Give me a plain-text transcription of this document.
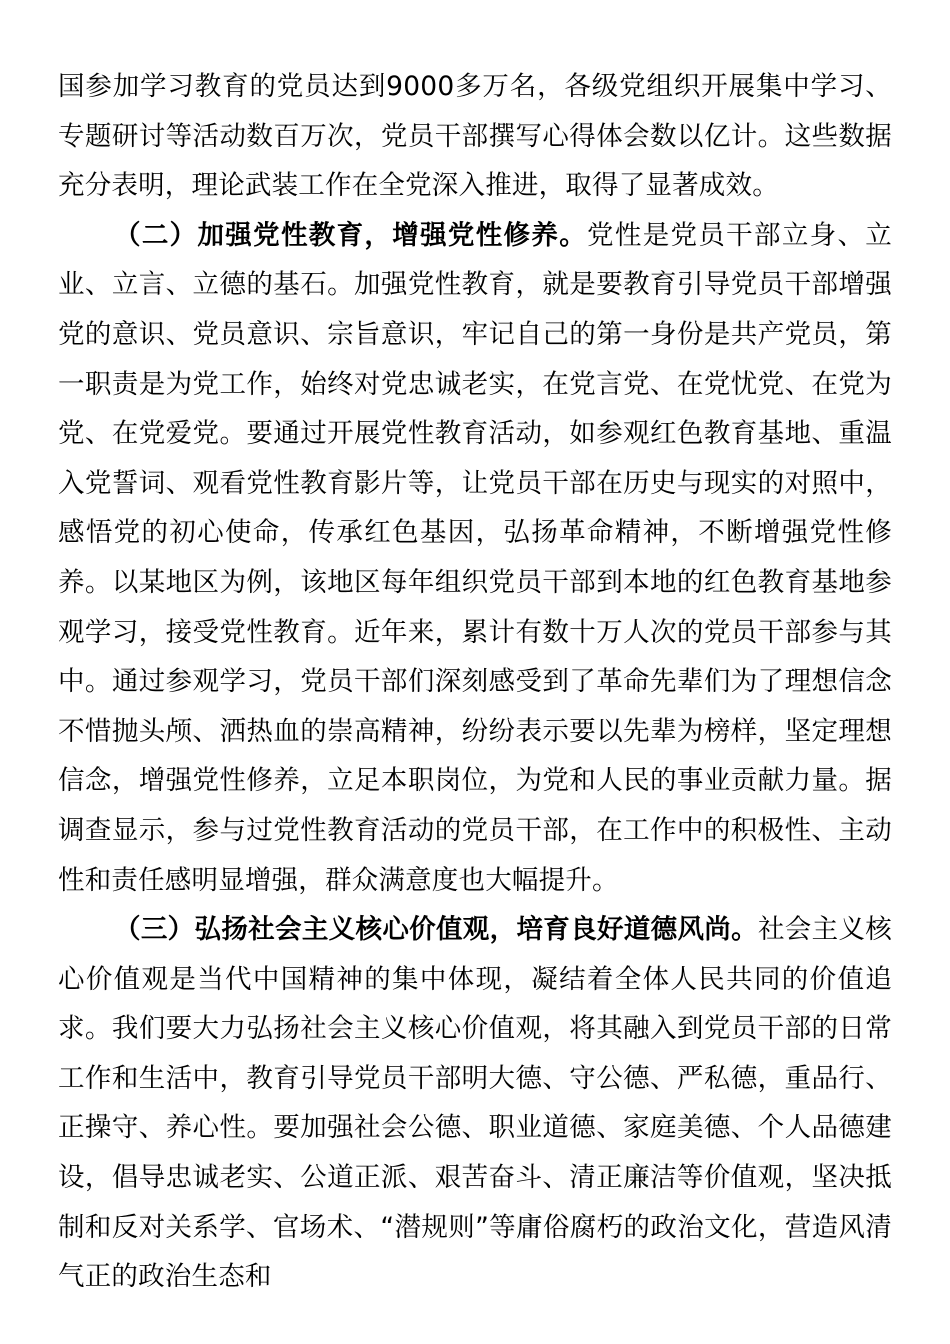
国参加学习教育的党员达到9000多万名，各级党组织开展集中学习、专题研讨等活动数百万次，党员干部撰写心得体会数以亿计。这些数据充分表明，理论武装工作在全党深入推进，取得了显著成效。

（二）加强党性教育，增强党性修养。党性是党员干部立身、立业、立言、立德的基石。加强党性教育，就是要教育引导党员干部增强党的意识、党员意识、宗旨意识，牢记自己的第一身份是共产党员，第一职责是为党工作，始终对党忠诚老实，在党言党、在党忧党、在党为党、在党爱党。要通过开展党性教育活动，如参观红色教育基地、重温入党誓词、观看党性教育影片等，让党员干部在历史与现实的对照中，感悟党的初心使命，传承红色基因，弘扬革命精神，不断增强党性修养。以某地区为例，该地区每年组织党员干部到本地的红色教育基地参观学习，接受党性教育。近年来，累计有数十万人次的党员干部参与其中。通过参观学习，党员干部们深刻感受到了革命先辈们为了理想信念不惜抛头颅、洒热血的崇高精神，纷纷表示要以先辈为榜样，坚定理想信念，增强党性修养，立足本职岗位，为党和人民的事业贡献力量。据调查显示，参与过党性教育活动的党员干部，在工作中的积极性、主动性和责任感明显增强，群众满意度也大幅提升。

（三）弘扬社会主义核心价值观，培育良好道德风尚。社会主义核心价值观是当代中国精神的集中体现，凝结着全体人民共同的价值追求。我们要大力弘扬社会主义核心价值观，将其融入到党员干部的日常工作和生活中，教育引导党员干部明大德、守公德、严私德，重品行、正操守、养心性。要加强社会公德、职业道德、家庭美德、个人品德建设，倡导忠诚老实、公道正派、艰苦奋斗、清正廉洁等价值观，坚决抵制和反对关系学、官场术、“潜规则”等庸俗腐朽的政治文化，营造风清气正的政治生态和
